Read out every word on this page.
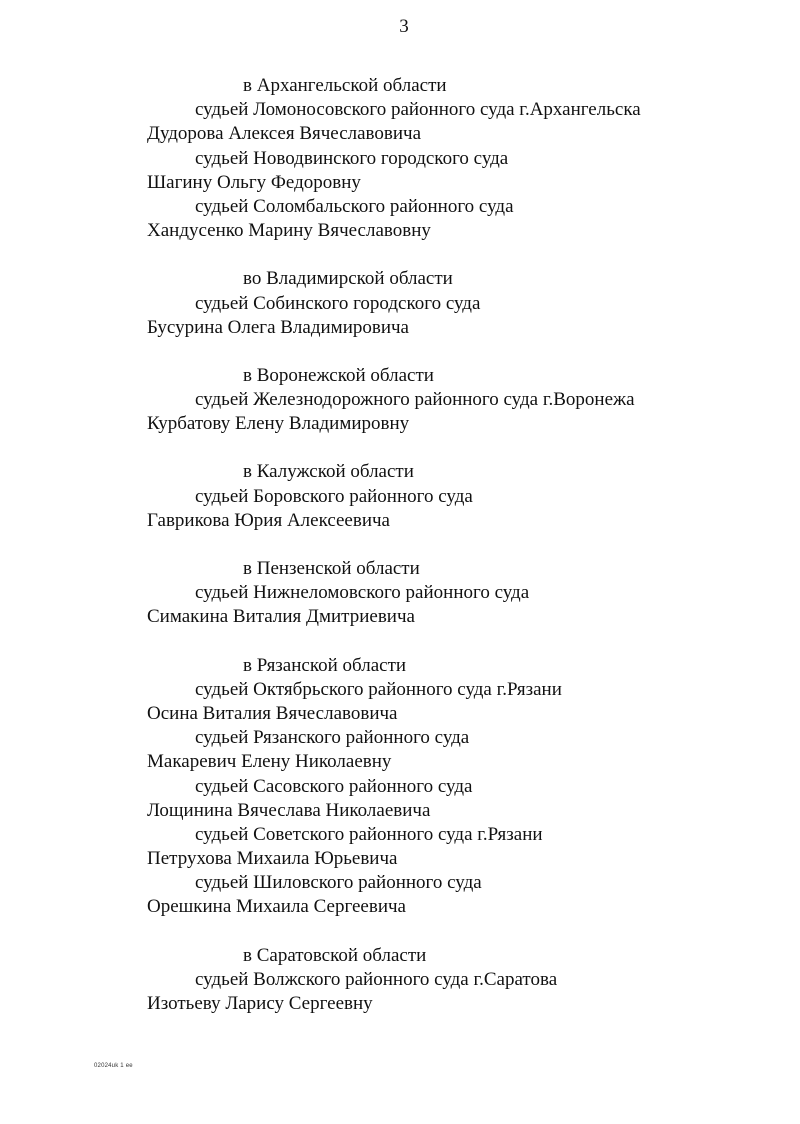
3
в Архангельской области
судьей Ломоносовского районного суда г.Архангельска
Дудорова Алексея Вячеславовича
судьей Новодвинского городского суда
Шагину Ольгу Федоровну
судьей Соломбальского районного суда
Хандусенко Марину Вячеславовну
во Владимирской области
судьей Собинского городского суда
Бусурина Олега Владимировича
в Воронежской области
судьей Железнодорожного районного суда г.Воронежа
Курбатову Елену Владимировну
в Калужской области
судьей Боровского районного суда
Гаврикова Юрия Алексеевича
в Пензенской области
судьей Нижнеломовского районного суда
Симакина Виталия Дмитриевича
в Рязанской области
судьей Октябрьского районного суда г.Рязани
Осина Виталия Вячеславовича
судьей Рязанского районного суда
Макаревич Елену Николаевну
судьей Сасовского районного суда
Лощинина Вячеслава Николаевича
судьей Советского районного суда г.Рязани
Петрухова Михаила Юрьевича
судьей Шиловского районного суда
Орешкина Михаила Сергеевича
в Саратовской области
судьей Волжского районного суда г.Саратова
Изотьеву Ларису Сергеевну
02024uk 1 ee
